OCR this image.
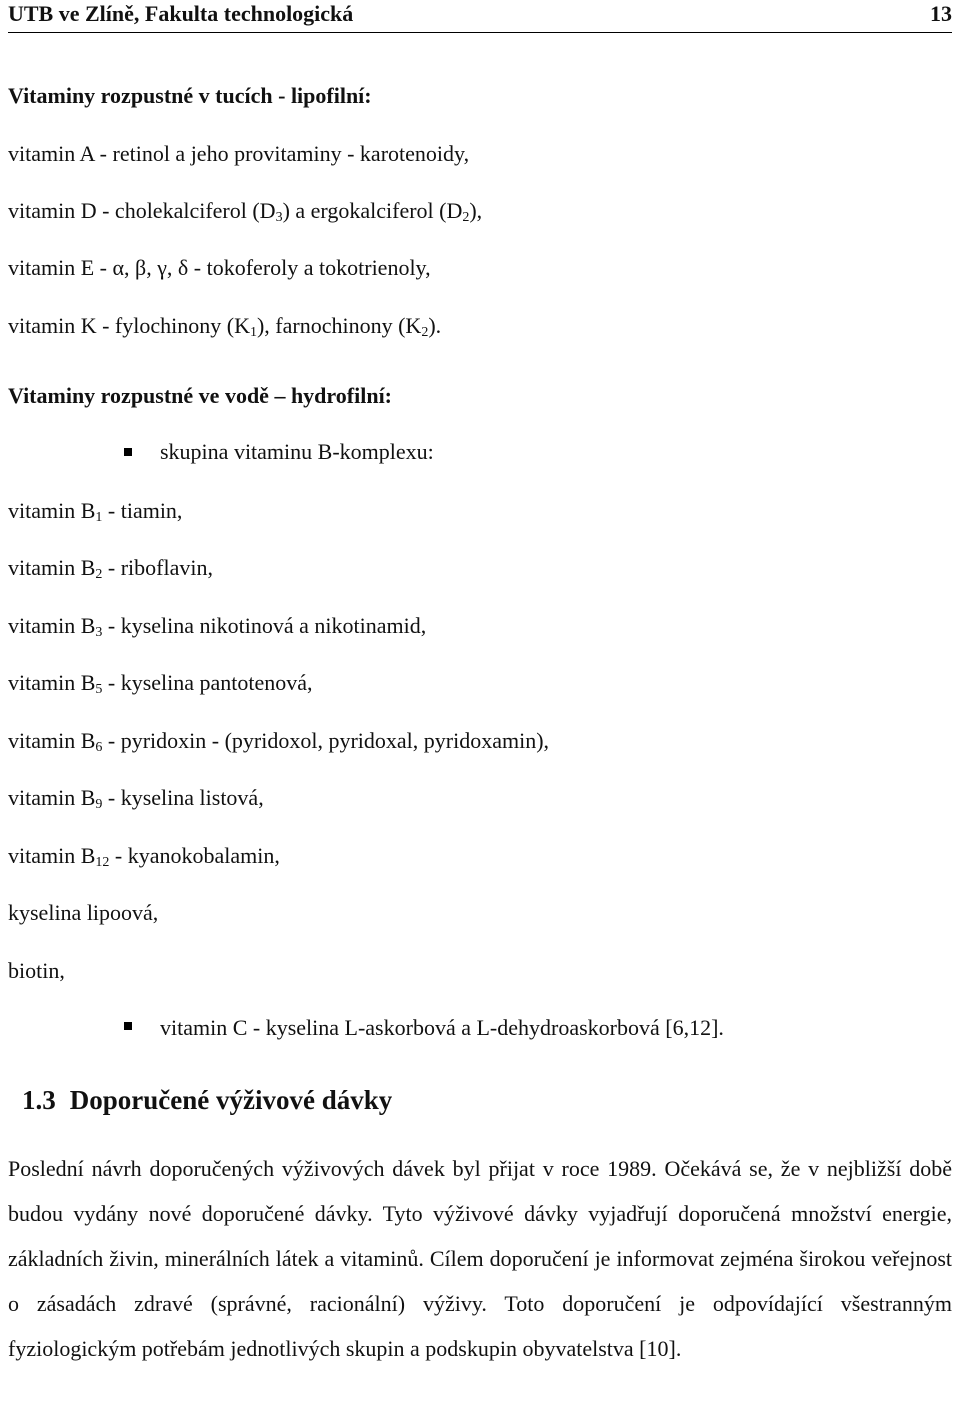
UTB ve Zlíně, Fakulta technologická	13
Vitaminy rozpustné v tucích - lipofilní:
vitamin A - retinol a jeho provitaminy - karotenoidy,
vitamin D - cholekalciferol $(D_3)$ a ergokalciferol $(D_2)$,
vitamin E - α, β, γ, δ - tokoferoly a tokotrienoly,
vitamin K - fylochinony $(K_1)$, farnochinony $(K_2)$.
Vitaminy rozpustné ve vodě – hydrofilní:
skupina vitaminu B-komplexu:
vitamin $B_1$ - tiamin,
vitamin $B_2$ - riboflavin,
vitamin $B_3$ - kyselina nikotinová a nikotinamid,
vitamin $B_5$ - kyselina pantotenová,
vitamin $B_6$ - pyridoxin - (pyridoxol, pyridoxal, pyridoxamin),
vitamin $B_9$ - kyselina listová,
vitamin $B_{12}$ - kyanokobalamin,
kyselina lipoová,
biotin,
vitamin C - kyselina L-askorbová a L-dehydroaskorbová [6,12].
1.3 Doporučené výživové dávky
Poslední návrh doporučených výživových dávek byl přijat v roce 1989. Očekává se, že v nejbližší době budou vydány nové doporučené dávky. Tyto výživové dávky vyjadřují doporučená množství energie, základních živin, minerálních látek a vitaminů. Cílem doporučení je informovat zejména širokou veřejnost o zásadách zdravé (správné, racionální) výživy. Toto doporučení je odpovídající všestranným fyziologickým potřebám jednotlivých skupin a podskupin obyvatelstva [10].
